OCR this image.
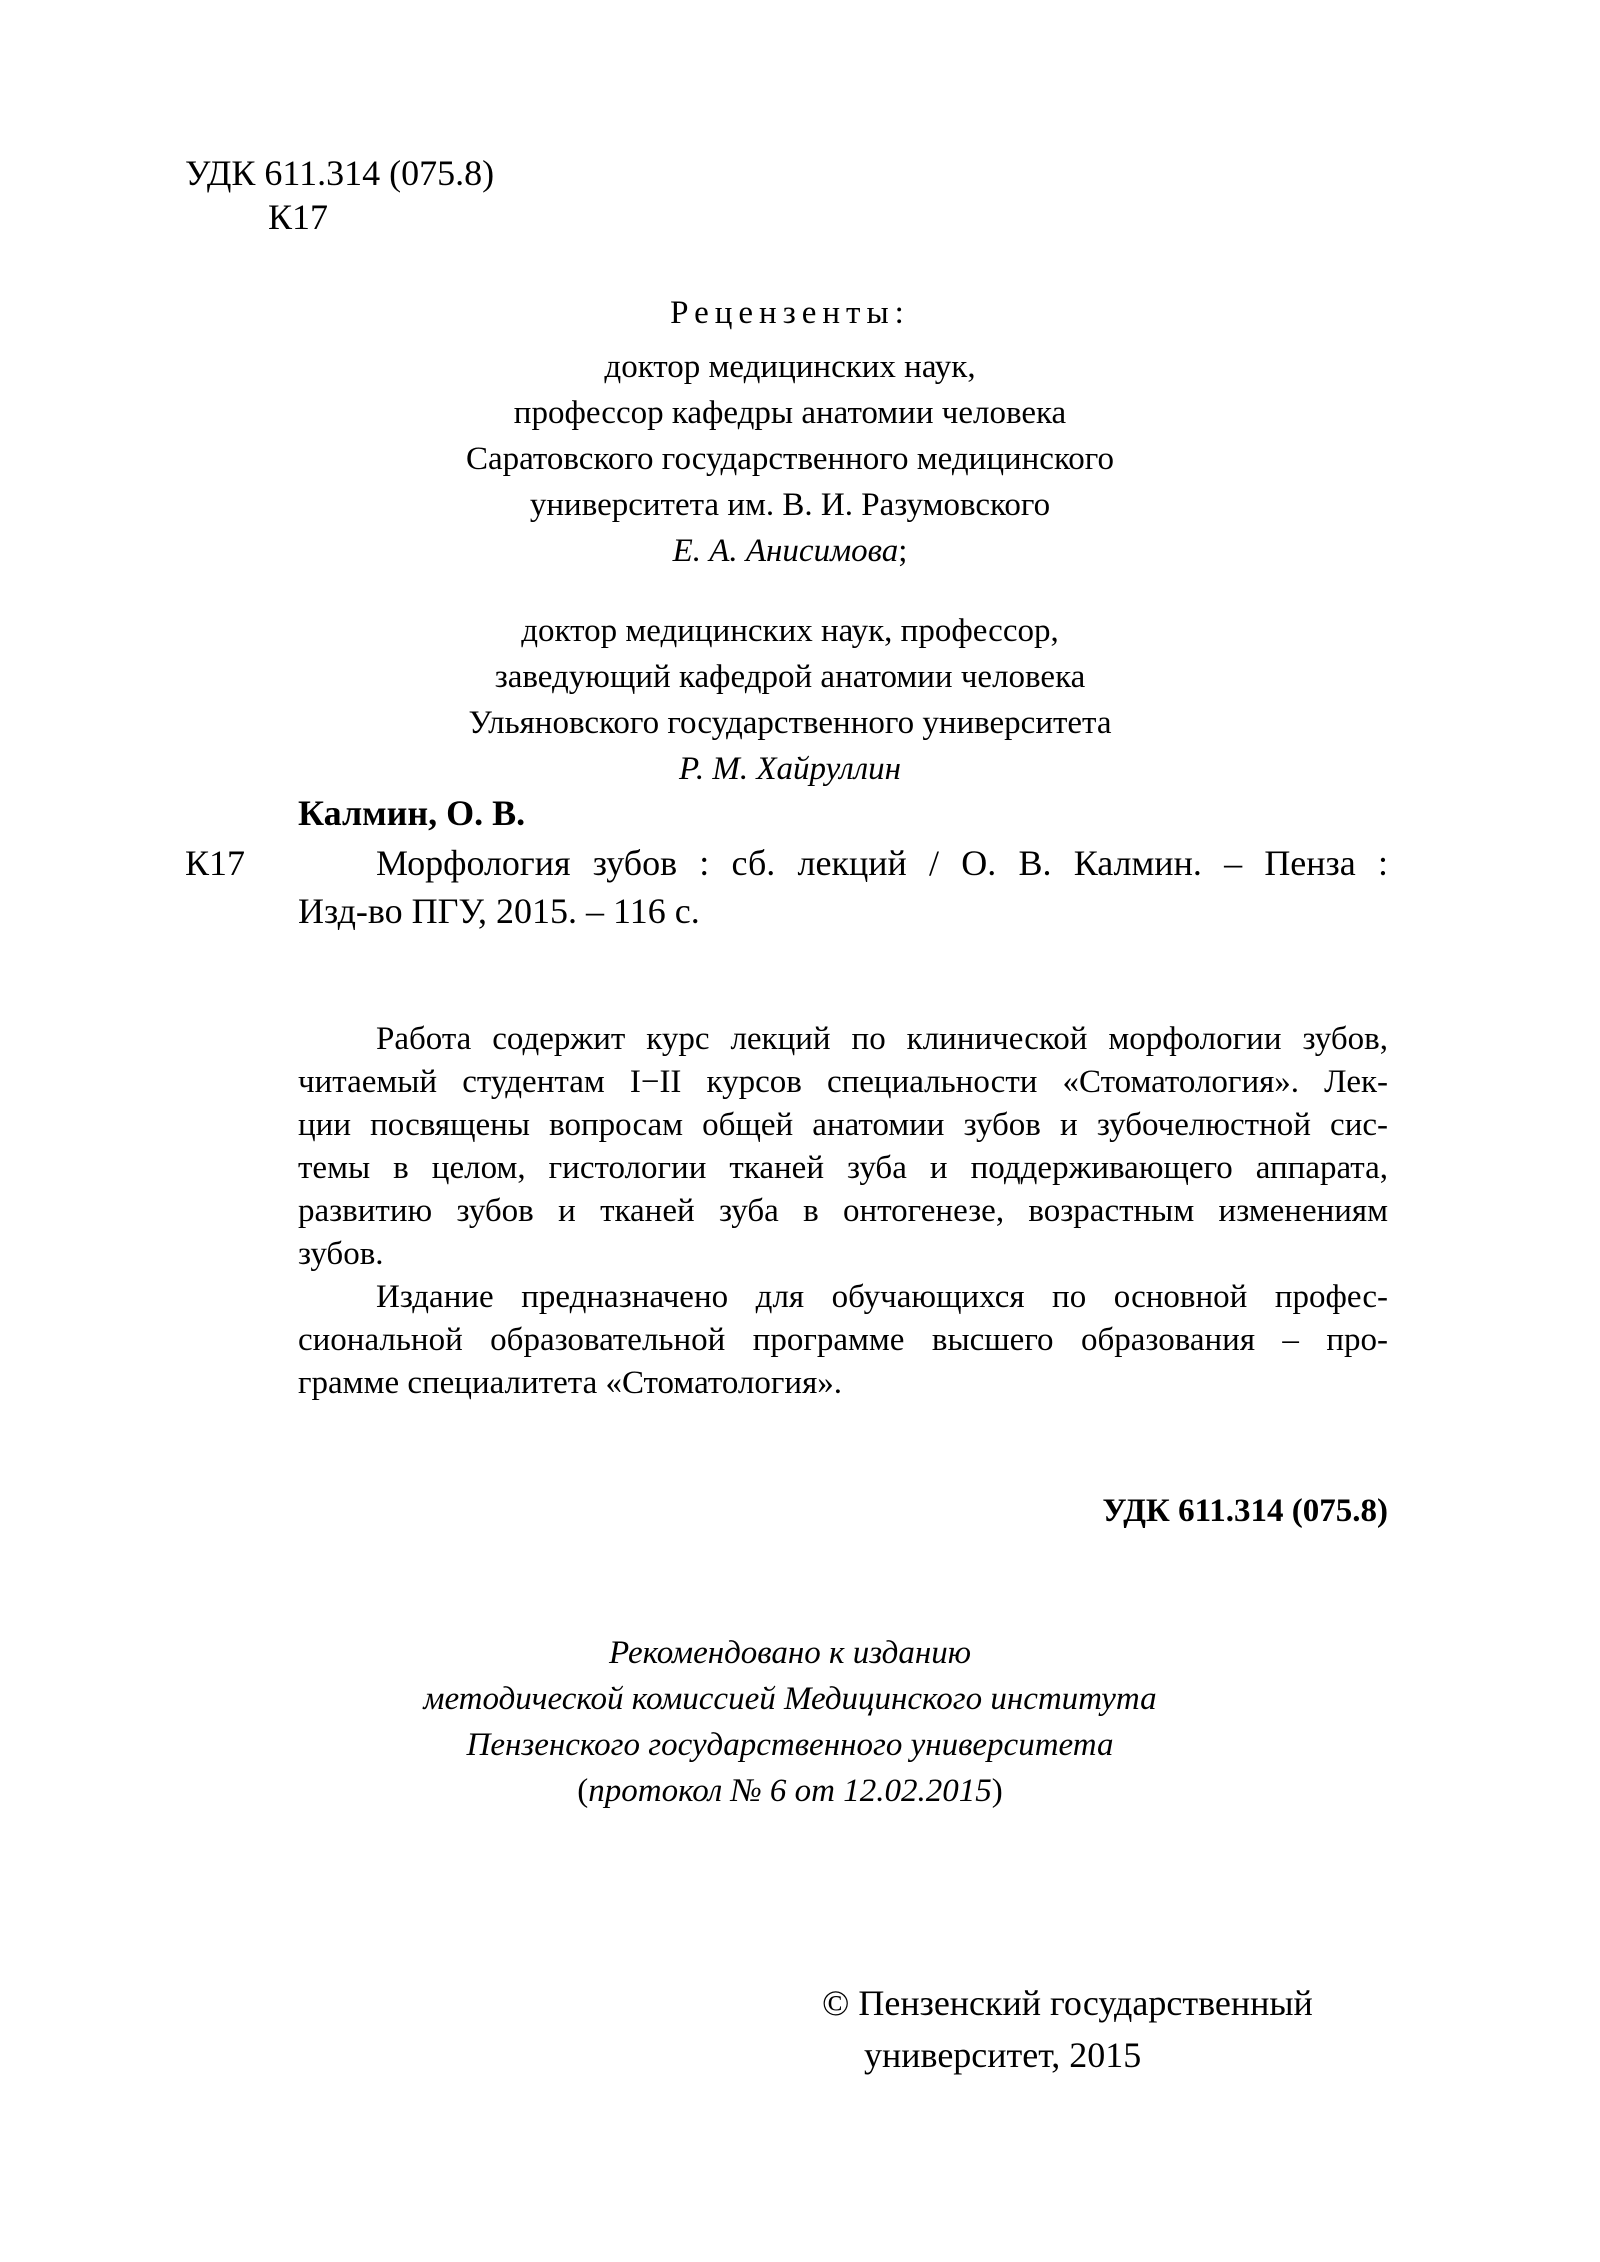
УДК 611.314 (075.8)
К17
Рецензенты:
доктор медицинских наук,
профессор кафедры анатомии человека
Саратовского государственного медицинского
университета им. В. И. Разумовского
Е. А. Анисимова;
доктор медицинских наук, профессор,
заведующий кафедрой анатомии человека
Ульяновского государственного университета
Р. М. Хайруллин
Калмин, О. В.
К17	Морфология зубов : сб. лекций / О. В. Калмин. – Пенза :
Изд-во ПГУ, 2015. – 116 с.
Работа содержит курс лекций по клинической морфологии зубов,
читаемый студентам I−II курсов специальности «Стоматология». Лек-
ции посвящены вопросам общей анатомии зубов и зубочелюстной сис-
темы в целом, гистологии тканей зуба и поддерживающего аппарата,
развитию зубов и тканей зуба в онтогенезе, возрастным изменениям
зубов.
Издание предназначено для обучающихся по основной профес-
сиональной образовательной программе высшего образования – про-
грамме специалитета «Стоматология».
УДК 611.314 (075.8)
Рекомендовано к изданию
методической комиссией Медицинского института
Пензенского государственного университета
(протокол № 6 от 12.02.2015)
© Пензенский государственный
университет, 2015
